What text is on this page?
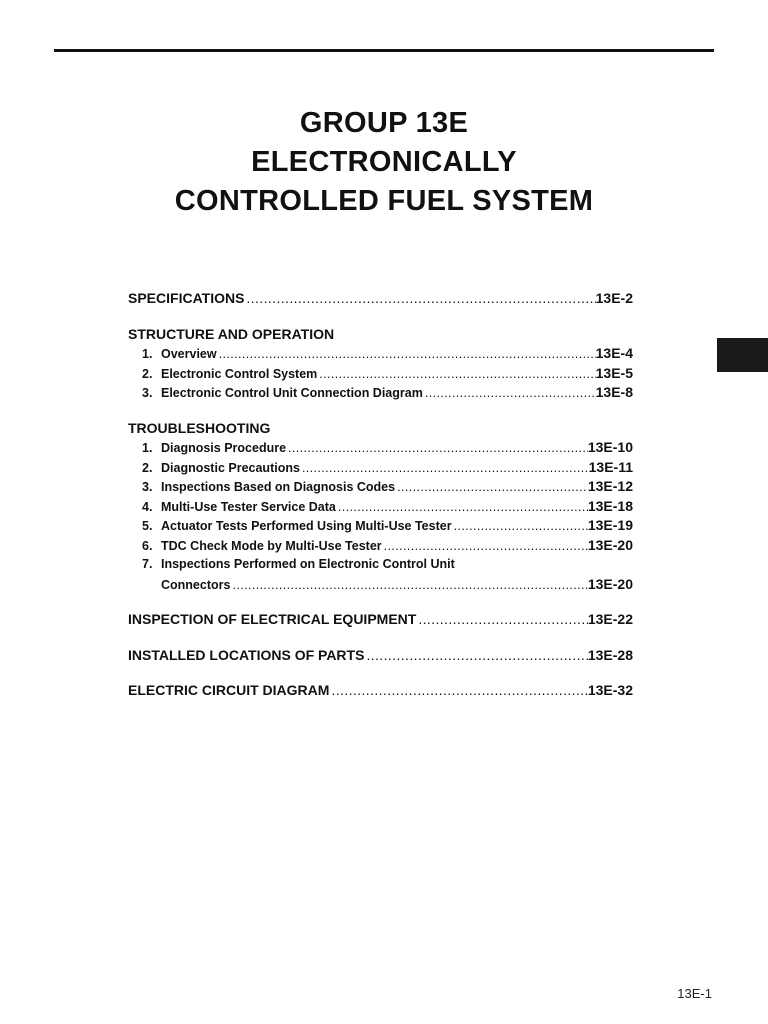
GROUP 13E
ELECTRONICALLY
CONTROLLED FUEL SYSTEM
SPECIFICATIONS .....	13E-2
STRUCTURE AND OPERATION
1. Overview .....	13E-4
2. Electronic Control System .....	13E-5
3. Electronic Control Unit Connection Diagram .....	13E-8
TROUBLESHOOTING
1. Diagnosis Procedure .....	13E-10
2. Diagnostic Precautions .....	13E-11
3. Inspections Based on Diagnosis Codes .....	13E-12
4. Multi-Use Tester Service Data .....	13E-18
5. Actuator Tests Performed Using Multi-Use Tester .....	13E-19
6. TDC Check Mode by Multi-Use Tester .....	13E-20
7. Inspections Performed on Electronic Control Unit
Connectors .....	13E-20
INSPECTION OF ELECTRICAL EQUIPMENT .....	13E-22
INSTALLED LOCATIONS OF PARTS .....	13E-28
ELECTRIC CIRCUIT DIAGRAM .....	13E-32
13E-1
